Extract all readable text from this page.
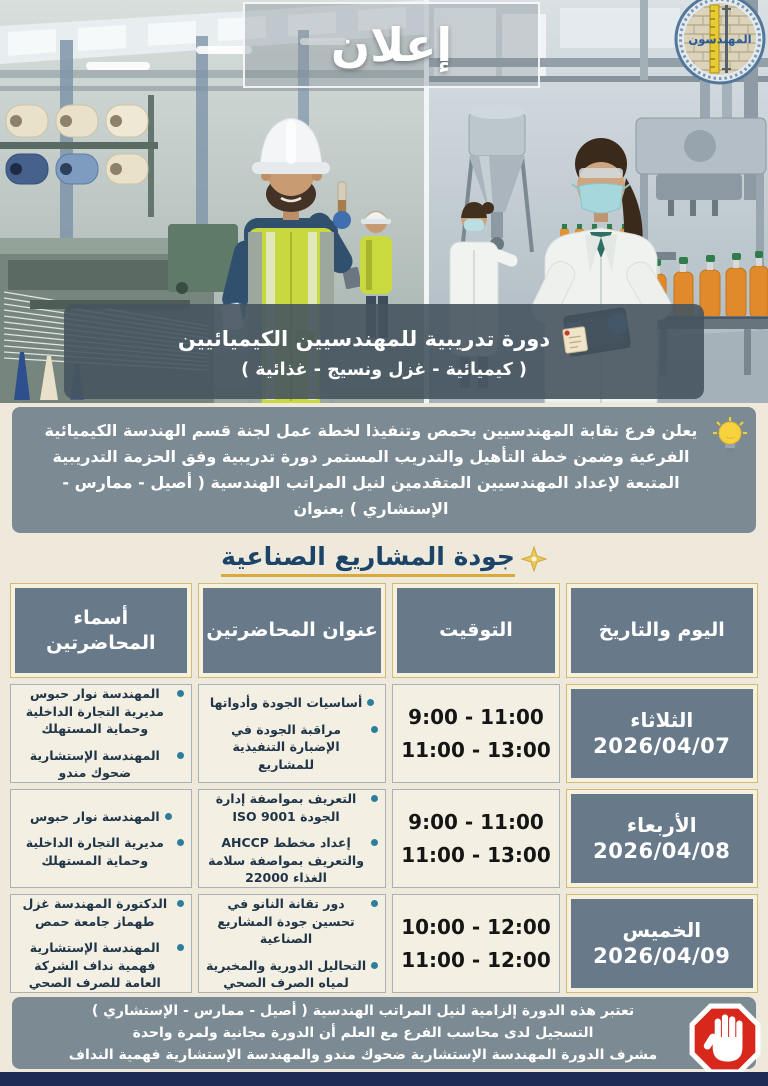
إعلان	المهندسون
دورة تدريبية للمهندسيين الكيميائيين
( كيميائية - غزل ونسيج - غذائية )

يعلن فرع نقابة المهندسيين بحمص وتنفيذا لخطة عمل لجنة قسم الهندسة الكيميائية الفرعية وضمن خطة التأهيل والتدريب المستمر دورة تدريبية وفق الحزمة التدريبية المتبعة لإعداد المهندسيين المتقدمين لنيل المراتب الهندسية ( أصيل - ممارس - الإستشاري ) بعنوان

جودة المشاريع الصناعية
اليوم والتاريخ
التوقيت
عنوان المحاضرتين
أسماء المحاضرتين
الثلاثاء
2026/04/07
9:00 - 11:00
11:00 - 13:00
أساسيات الجودة وأدواتها
مراقبة الجودة في الإضبارة التنفيذية للمشاريع
المهندسة نوار حبوس مديرية التجارة الداخلية وحماية المستهلك
المهندسة الإستشارية ضحوك مندو
الأربعاء
2026/04/08
9:00 - 11:00
11:00 - 13:00
التعريف بمواصفة إدارة الجودة ISO 9001
إعداد مخطط AHCCP والتعريف بمواصفة سلامة الغذاء 22000
المهندسة نوار حبوس
مديرية التجارة الداخلية وحماية المستهلك
الخميس
2026/04/09
10:00 - 12:00
11:00 - 12:00
دور تقانة النانو في تحسين جودة المشاريع الصناعية
التحاليل الدورية والمخبرية لمياه الصرف الصحي
الدكتورة المهندسة غزل طهماز جامعة حمص
المهندسة الإستشارية فهمية نداف الشركة العامة للصرف الصحي
تعتبر هذه الدورة إلزامية لنيل المراتب الهندسية ( أصيل - ممارس - الإستشاري )
التسجيل لدى محاسب الفرع مع العلم أن الدورة مجانية ولمرة واحدة
مشرف الدورة المهندسة الإستشارية ضحوك مندو والمهندسة الإستشارية فهمية النداف
